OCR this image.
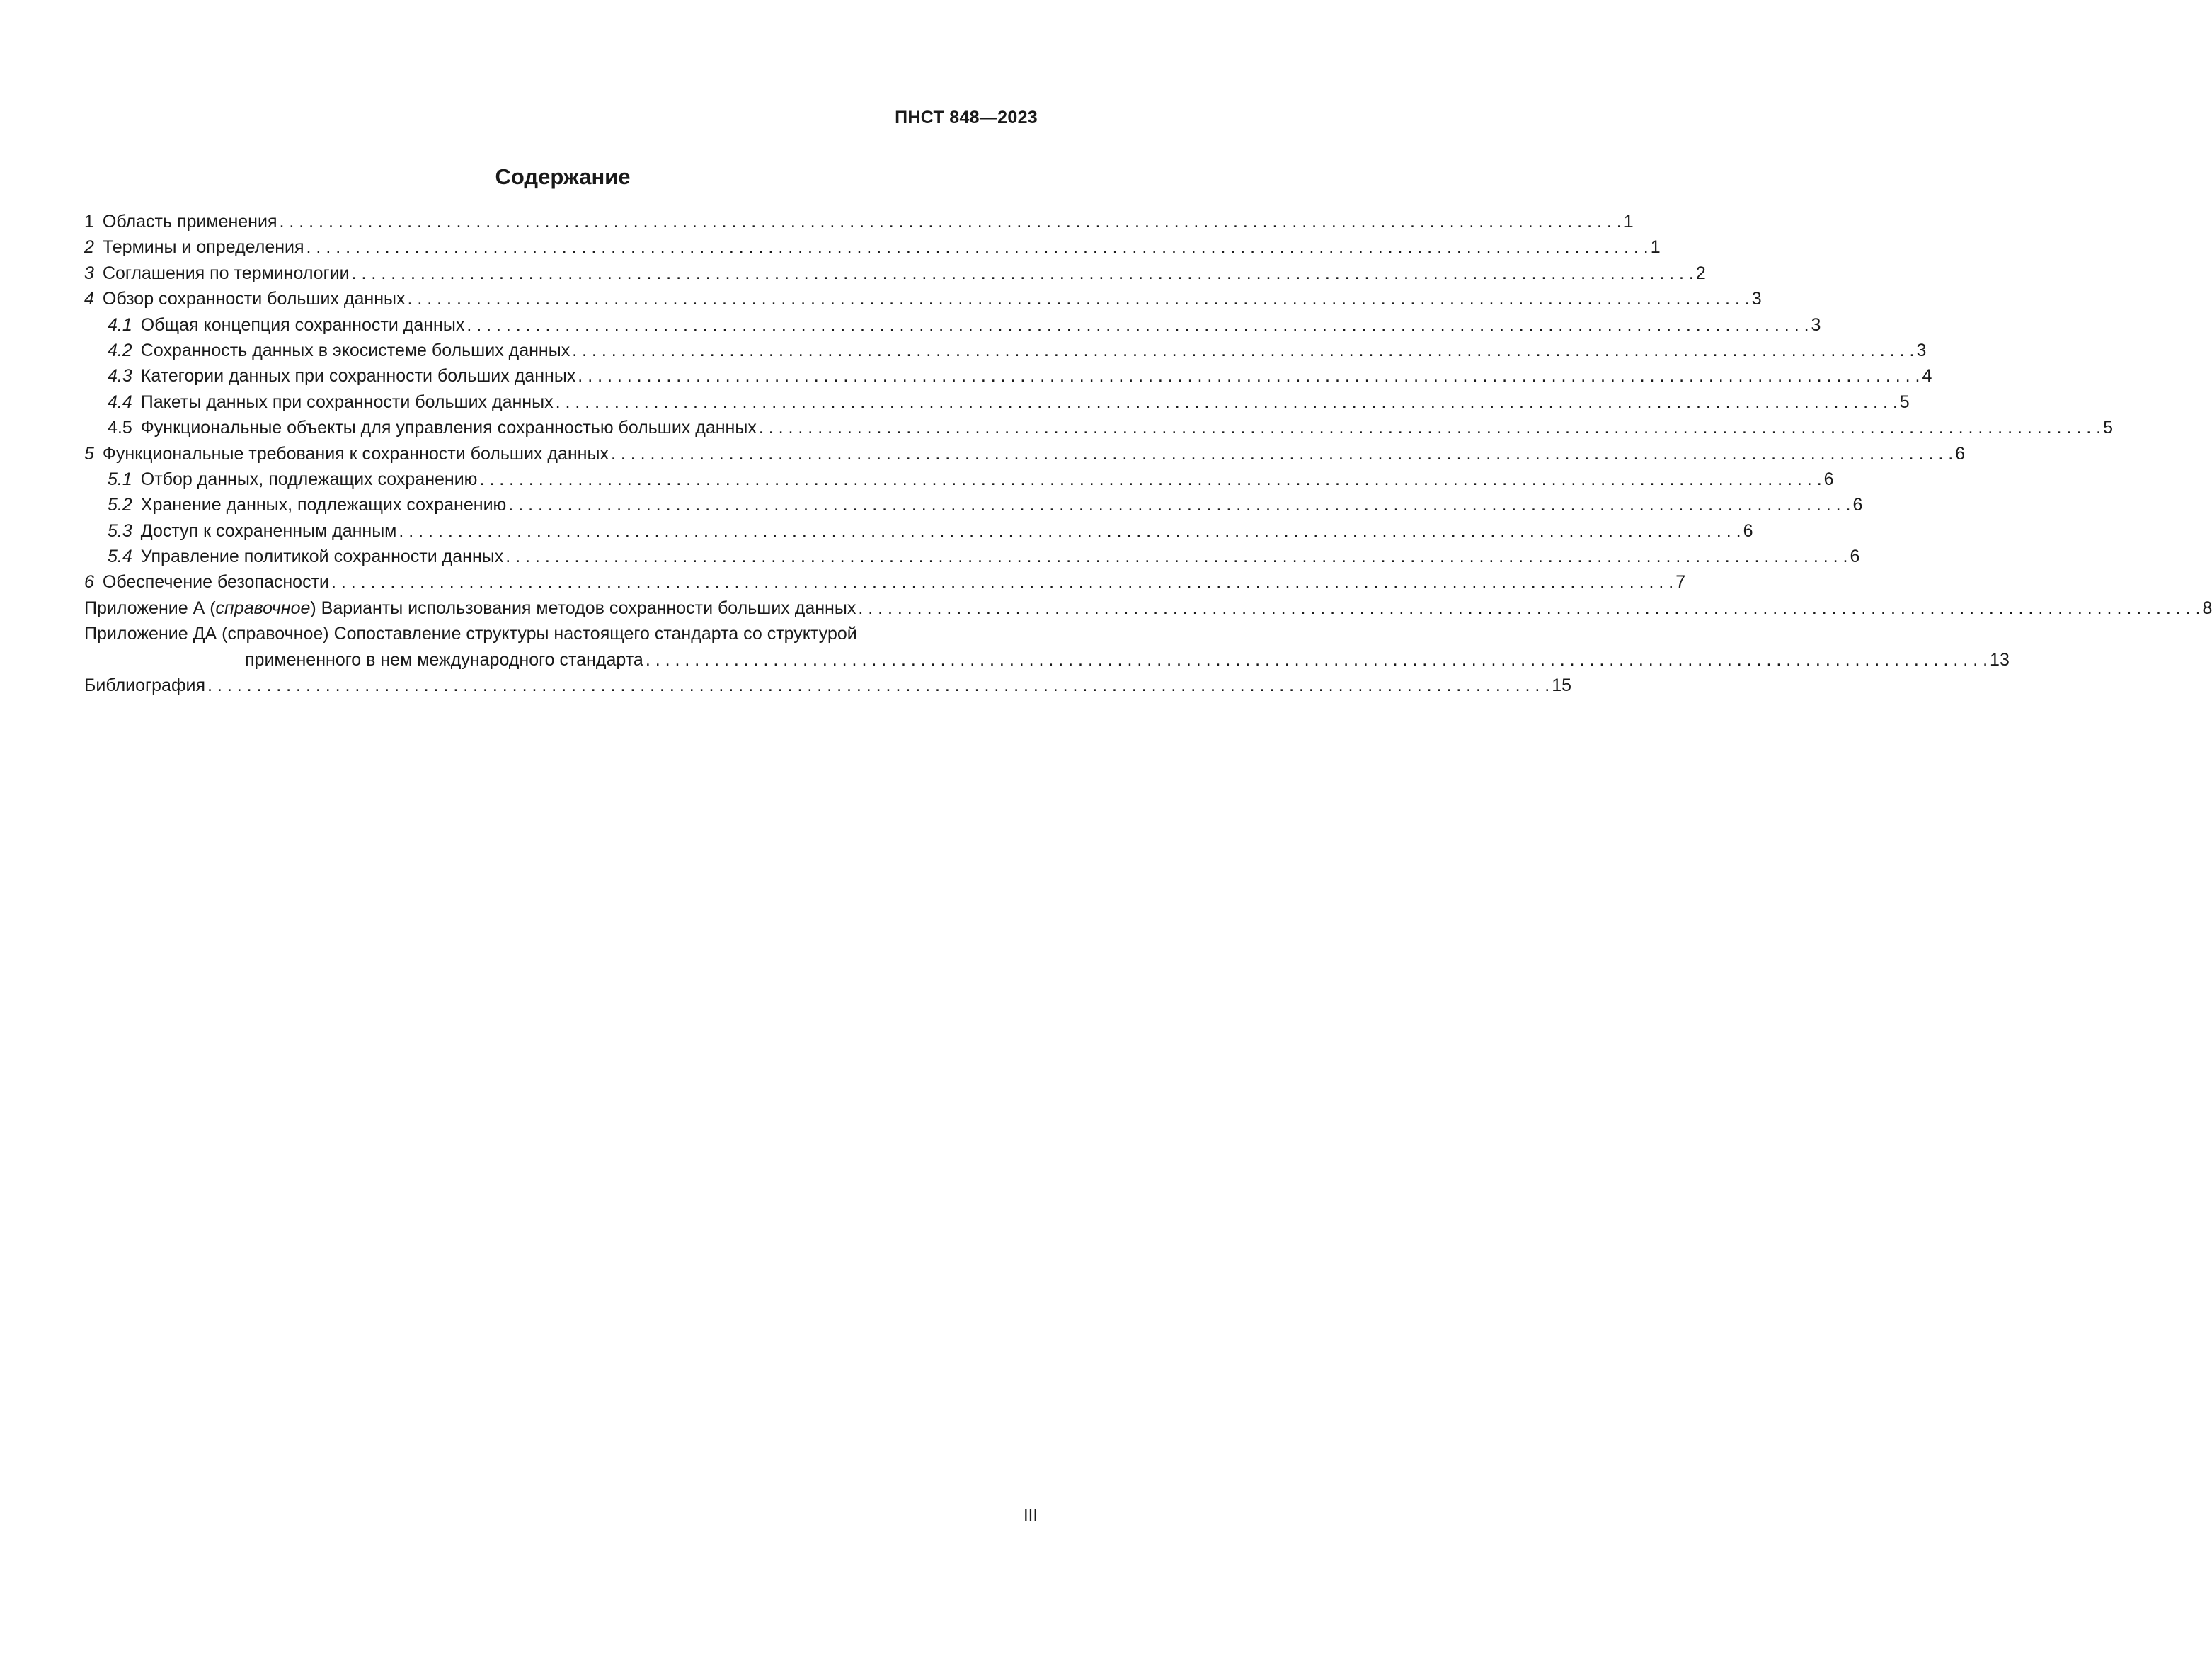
ПНСТ 848—2023
Содержание
1 Область применения . . .	1
2 Термины и определения . . .	1
3 Соглашения по терминологии . . .	2
4 Обзор сохранности больших данных . . .	3
4.1 Общая концепция сохранности данных . . .	3
4.2 Сохранность данных в экосистеме больших данных . . .	3
4.3 Категории данных при сохранности больших данных . . .	4
4.4 Пакеты данных при сохранности больших данных . . .	5
4.5 Функциональные объекты для управления сохранностью больших данных . . .	5
5 Функциональные требования к сохранности больших данных . . .	6
5.1 Отбор данных, подлежащих сохранению . . .	6
5.2 Хранение данных, подлежащих сохранению . . .	6
5.3 Доступ к сохраненным данным . . .	6
5.4 Управление политикой сохранности данных . . .	6
6 Обеспечение безопасности . . .	7
Приложение А (справочное) Варианты использования методов сохранности больших данных . . .	8
Приложение ДА (справочное) Сопоставление структуры настоящего стандарта со структурой
примененного в нем международного стандарта . . .	13
Библиография . . .	15
III
